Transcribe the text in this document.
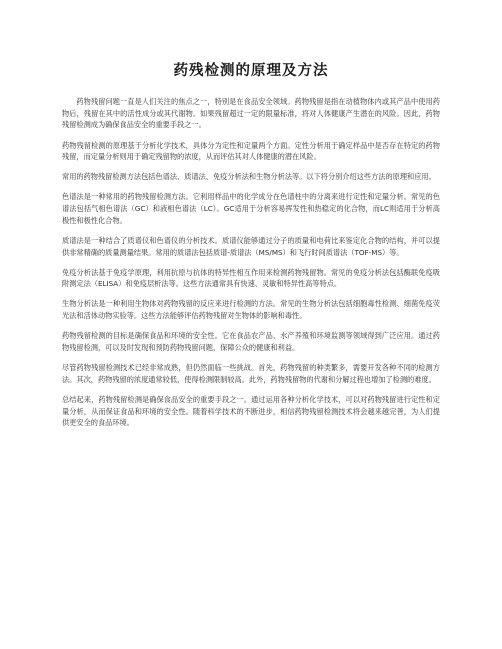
药残检测的原理及方法

药物残留问题一直是人们关注的焦点之一，特别是在食品安全领域。药物残留是指在动植物体内或其产品中使用药物后，残留在其中的活性成分或其代谢物。如果残留超过一定的限量标准，将对人体健康产生潜在的风险。因此，药物残留检测成为确保食品安全的重要手段之一。

药物残留检测的原理基于分析化学技术，具体分为定性和定量两个方面。定性分析用于确定样品中是否存在特定的药物残留，而定量分析则用于确定残留物的浓度，从而评估其对人体健康的潜在风险。

常用的药物残留检测方法包括色谱法、质谱法、免疫分析法和生物分析法等。以下将分别介绍这些方法的原理和应用。

色谱法是一种常用的药物残留检测方法。它利用样品中的化学成分在色谱柱中的分离来进行定性和定量分析。常见的色谱法包括气相色谱法（GC）和液相色谱法（LC）。GC适用于分析容易挥发性和热稳定的化合物，而LC则适用于分析高极性和极性化合物。

质谱法是一种结合了质谱仪和色谱仪的分析技术。质谱仪能够通过分子的质量和电荷比来鉴定化合物的结构，并可以提供非常精确的质量测量结果。常用的质谱法包括质谱-质谱法（MS/MS）和飞行时间质谱法（TOF-MS）等。

免疫分析法基于免疫学原理，利用抗原与抗体的特异性相互作用来检测药物残留物。常见的免疫分析法包括酶联免疫吸附测定法（ELISA）和免疫层析法等。这些方法通常具有快速、灵敏和特异性高等特点。

生物分析法是一种利用生物体对药物残留的反应来进行检测的方法。常见的生物分析法包括细胞毒性检测、细菌免疫荧光法和活体动物实验等。这些方法能够评估药物残留对生物体的影响和毒性。

药物残留检测的目标是确保食品和环境的安全性。它在食品农产品、水产养殖和环境监测等领域得到广泛应用。通过药物残留检测，可以及时发现和预防药物残留问题，保障公众的健康和利益。

尽管药物残留检测技术已经非常成熟，但仍然面临一些挑战。首先，药物残留的种类繁多，需要开发各种不同的检测方法。其次，药物残留的浓度通常较低，使得检测限制较高。此外，药物残留物的代谢和分解过程也增加了检测的难度。

总结起来，药物残留检测是确保食品安全的重要手段之一。通过运用各种分析化学技术，可以对药物残留进行定性和定量分析，从而保证食品和环境的安全性。随着科学技术的不断进步，相信药物残留检测技术将会越来越完善，为人们提供更安全的食品环境。
